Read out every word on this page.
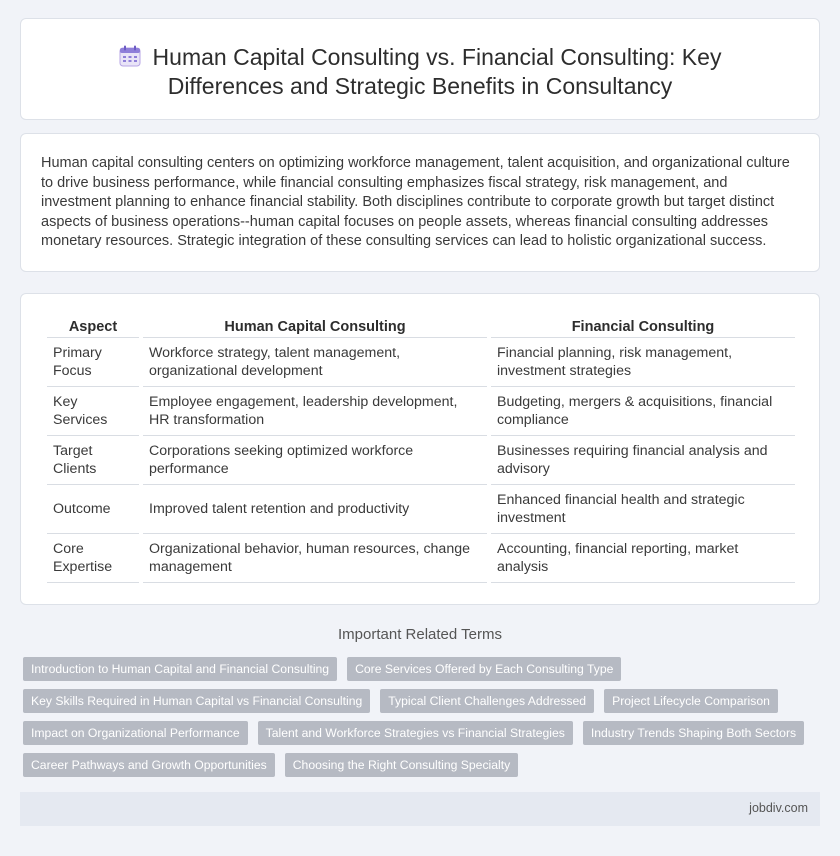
Human Capital Consulting vs. Financial Consulting: Key Differences and Strategic Benefits in Consultancy

Human capital consulting centers on optimizing workforce management, talent acquisition, and organizational culture to drive business performance, while financial consulting emphasizes fiscal strategy, risk management, and investment planning to enhance financial stability. Both disciplines contribute to corporate growth but target distinct aspects of business operations--human capital focuses on people assets, whereas financial consulting addresses monetary resources. Strategic integration of these consulting services can lead to holistic organizational success.

Aspect	Human Capital Consulting	Financial Consulting
Primary Focus	Workforce strategy, talent management, organizational development	Financial planning, risk management, investment strategies
Key Services	Employee engagement, leadership development, HR transformation	Budgeting, mergers & acquisitions, financial compliance
Target Clients	Corporations seeking optimized workforce performance	Businesses requiring financial analysis and advisory
Outcome	Improved talent retention and productivity	Enhanced financial health and strategic investment
Core Expertise	Organizational behavior, human resources, change management	Accounting, financial reporting, market analysis
Important Related Terms
Introduction to Human Capital and Financial Consulting	Core Services Offered by Each Consulting Type
Key Skills Required in Human Capital vs Financial Consulting	Typical Client Challenges Addressed	Project Lifecycle Comparison
Impact on Organizational Performance	Talent and Workforce Strategies vs Financial Strategies	Industry Trends Shaping Both Sectors
Career Pathways and Growth Opportunities	Choosing the Right Consulting Specialty
jobdiv.com
